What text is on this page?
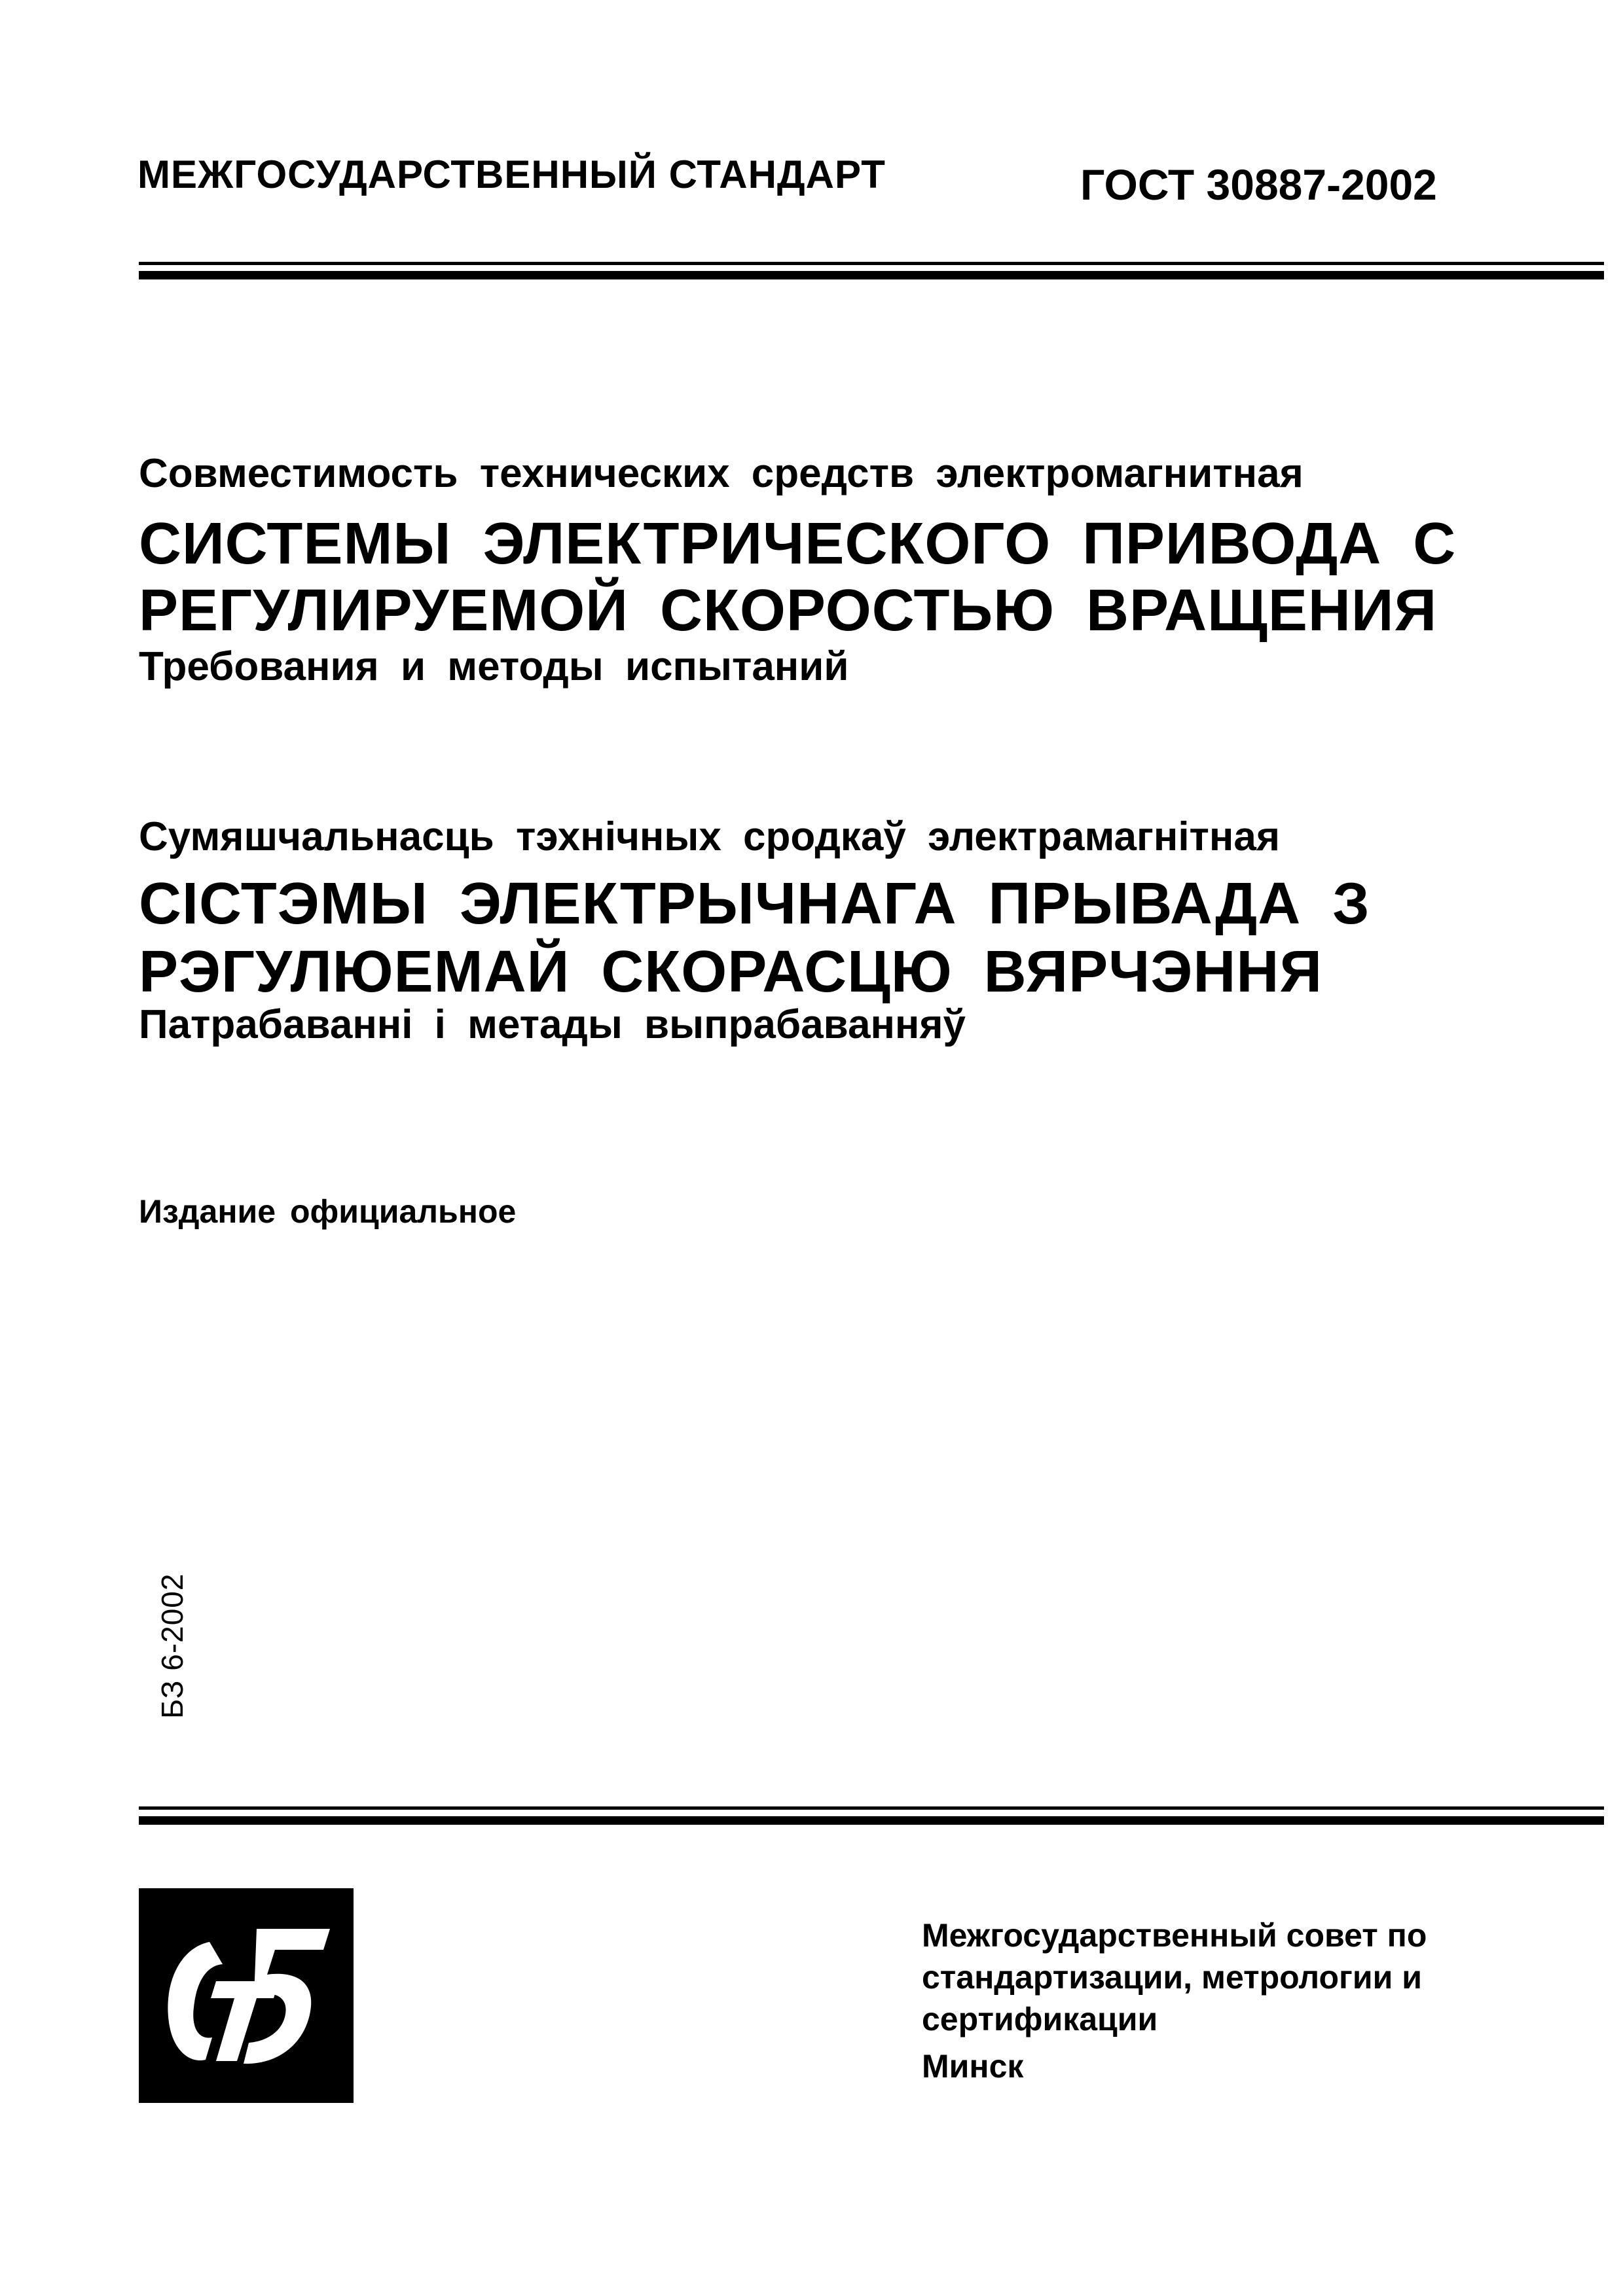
МЕЖГОСУДАРСТВЕННЫЙ СТАНДАРТ	ГОСТ 30887-2002
Совместимость технических средств электромагнитная
СИСТЕМЫ ЭЛЕКТРИЧЕСКОГО ПРИВОДА С
РЕГУЛИРУЕМОЙ СКОРОСТЬЮ ВРАЩЕНИЯ
Требования и методы испытаний
Сумяшчальнасць тэхнічных сродкаў электрамагнітная
СІСТЭМЫ ЭЛЕКТРЫЧНАГА ПРЫВАДА З
РЭГУЛЮЕМАЙ СКОРАСЦЮ ВЯРЧЭННЯ
Патрабаванні і метады выпрабаванняў
Издание официальное
БЗ 6-2002
Межгосударственный совет по
стандартизации, метрологии и
сертификации
Минск
